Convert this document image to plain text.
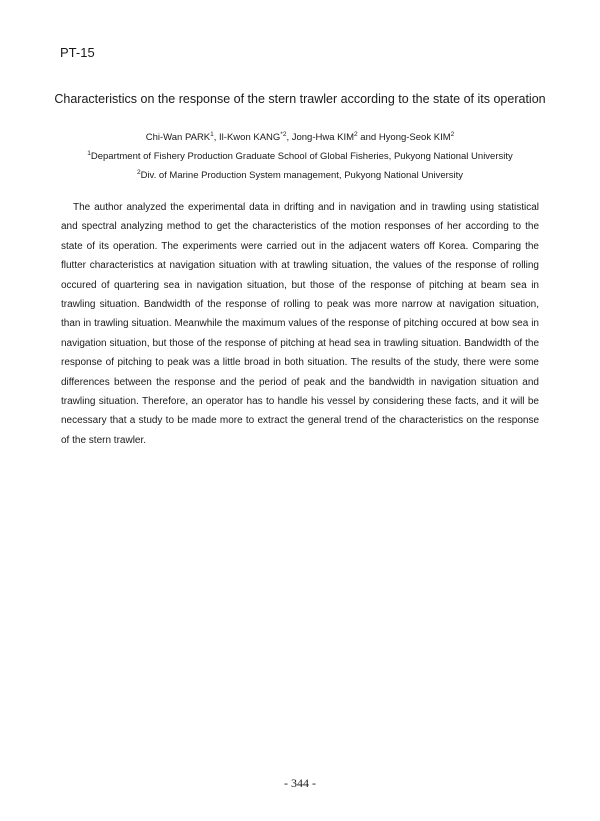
PT-15
Characteristics on the response of the stern trawler according to the state of its operation
Chi-Wan PARK$^1$, Il-Kwon KANG$^{*2}$, Jong-Hwa KIM$^2$ and Hyong-Seok KIM$^2$
$^1$Department of Fishery Production Graduate School of Global Fisheries, Pukyong National University
$^2$Div. of Marine Production System management, Pukyong National University

The author analyzed the experimental data in drifting and in navigation and in trawling using statistical and spectral analyzing method to get the characteristics of the motion responses of her according to the state of its operation. The experiments were carried out in the adjacent waters off Korea. Comparing the flutter characteristics at navigation situation with at trawling situation, the values of the response of rolling occured of quartering sea in navigation situation, but those of the response of pitching at beam sea in trawling situation. Bandwidth of the response of rolling to peak was more narrow at navigation situation, than in trawling situation. Meanwhile the maximum values of the response of pitching occured at bow sea in navigation situation, but those of the response of pitching at head sea in trawling situation. Bandwidth of the response of pitching to peak was a little broad in both situation. The results of the study, there were some differences between the response and the period of peak and the bandwidth in navigation situation and trawling situation. Therefore, an operator has to handle his vessel by considering these facts, and it will be necessary that a study to be made more to extract the general trend of the characteristics on the response of the stern trawler.

- 344 -
